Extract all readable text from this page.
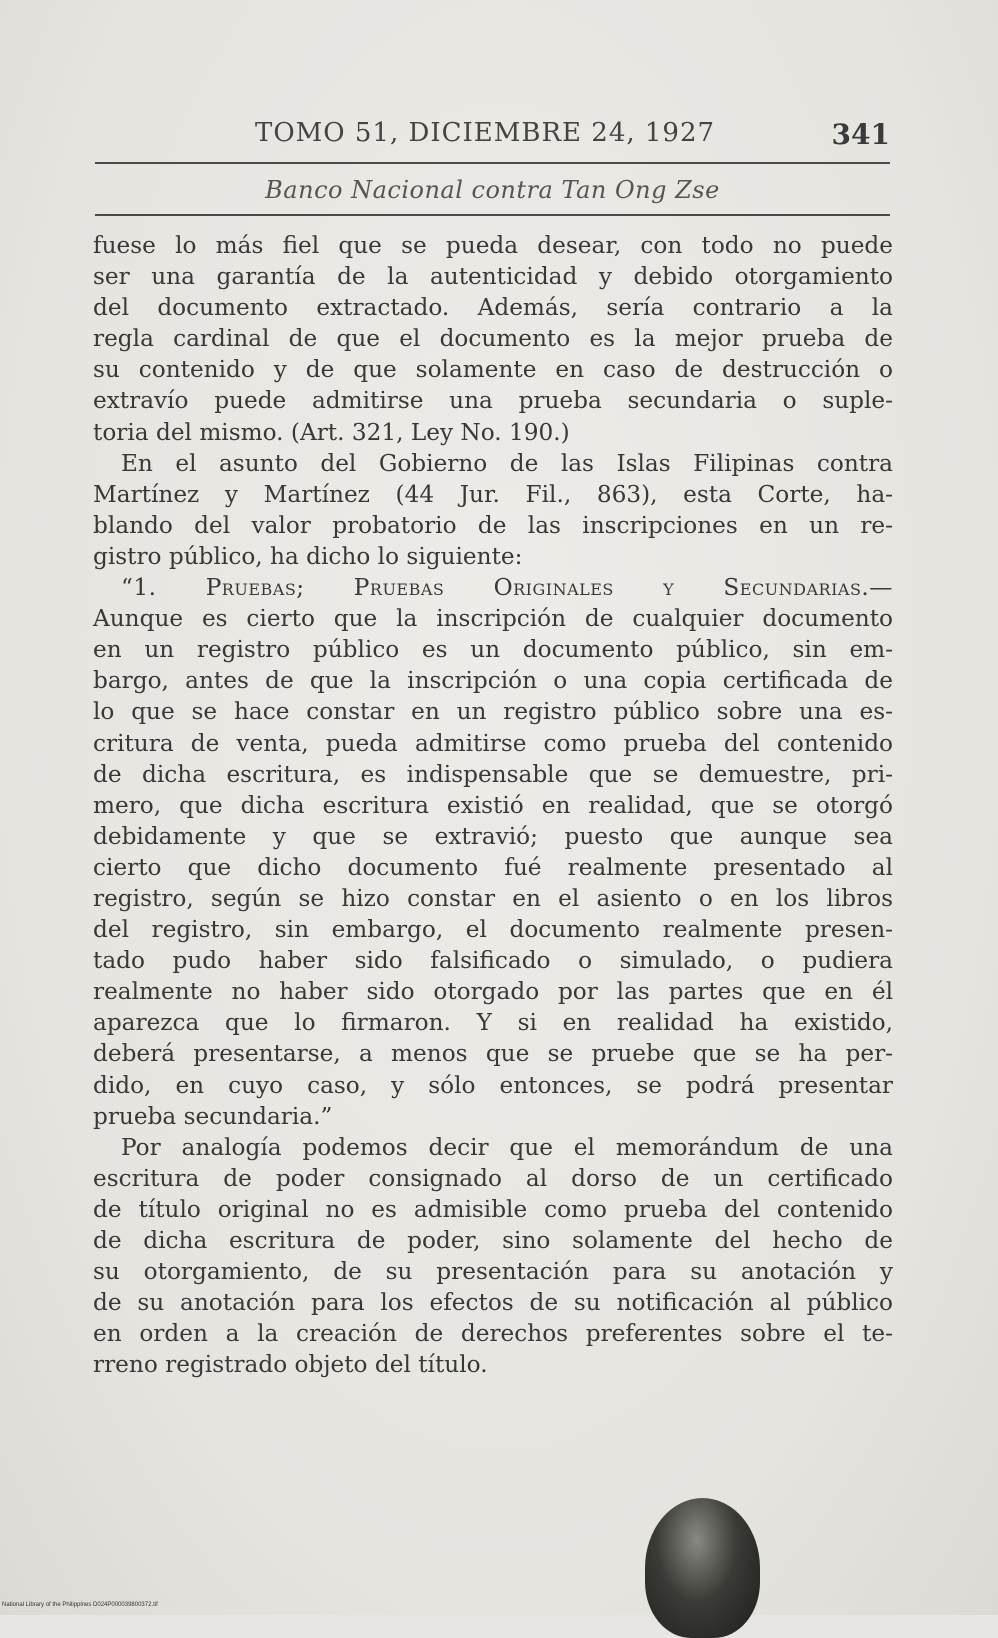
TOMO 51, DICIEMBRE 24, 1927	341
Banco Nacional contra Tan Ong Zse
fuese lo más fiel que se pueda desear, con todo no puede
ser una garantía de la autenticidad y debido otorgamiento
del documento extractado. Además, sería contrario a la
regla cardinal de que el documento es la mejor prueba de
su contenido y de que solamente en caso de destrucción o
extravío puede admitirse una prueba secundaria o suple-
toria del mismo. (Art. 321, Ley No. 190.)
En el asunto del Gobierno de las Islas Filipinas contra
Martínez y Martínez (44 Jur. Fil., 863), esta Corte, ha-
blando del valor probatorio de las inscripciones en un re-
gistro público, ha dicho lo siguiente:
“1. Pruebas; Pruebas Originales y Secundarias.—
Aunque es cierto que la inscripción de cualquier documento
en un registro público es un documento público, sin em-
bargo, antes de que la inscripción o una copia certificada de
lo que se hace constar en un registro público sobre una es-
critura de venta, pueda admitirse como prueba del contenido
de dicha escritura, es indispensable que se demuestre, pri-
mero, que dicha escritura existió en realidad, que se otorgó
debidamente y que se extravió; puesto que aunque sea
cierto que dicho documento fué realmente presentado al
registro, según se hizo constar en el asiento o en los libros
del registro, sin embargo, el documento realmente presen-
tado pudo haber sido falsificado o simulado, o pudiera
realmente no haber sido otorgado por las partes que en él
aparezca que lo firmaron. Y si en realidad ha existido,
deberá presentarse, a menos que se pruebe que se ha per-
dido, en cuyo caso, y sólo entonces, se podrá presentar
prueba secundaria.”
Por analogía podemos decir que el memorándum de una
escritura de poder consignado al dorso de un certificado
de título original no es admisible como prueba del contenido
de dicha escritura de poder, sino solamente del hecho de
su otorgamiento, de su presentación para su anotación y
de su anotación para los efectos de su notificación al público
en orden a la creación de derechos preferentes sobre el te-
rreno registrado objeto del título.
National Library of the Philippines D024P000039800372.tif
